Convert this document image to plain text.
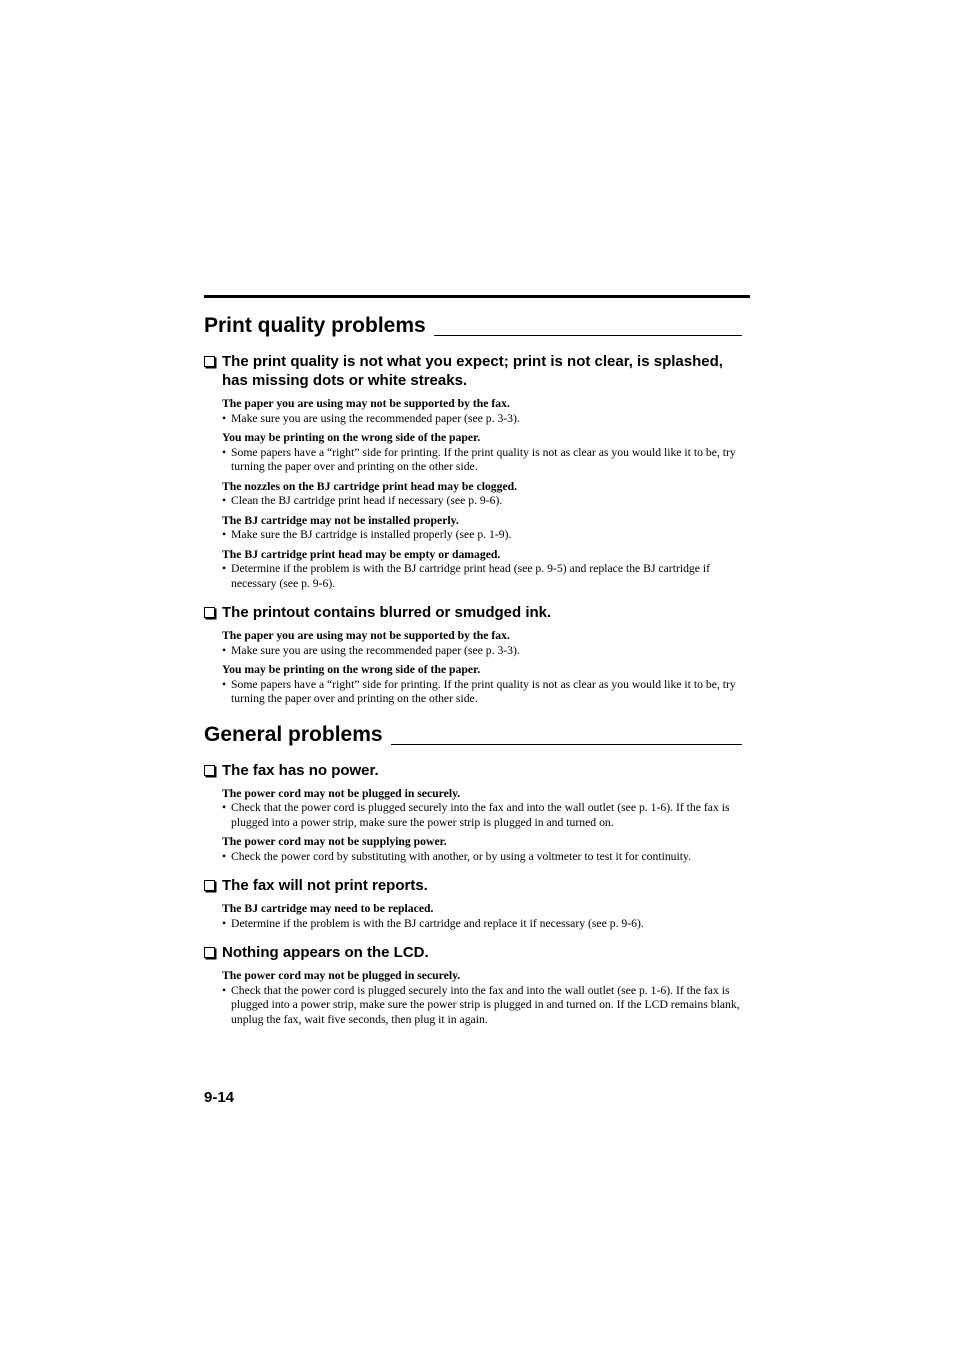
Print quality problems
The print quality is not what you expect; print is not clear, is splashed, has missing dots or white streaks.
The paper you are using may not be supported by the fax.
• Make sure you are using the recommended paper (see p. 3-3).
You may be printing on the wrong side of the paper.
• Some papers have a “right” side for printing. If the print quality is not as clear as you would like it to be, try turning the paper over and printing on the other side.
The nozzles on the BJ cartridge print head may be clogged.
• Clean the BJ cartridge print head if necessary (see p. 9-6).
The BJ cartridge may not be installed properly.
• Make sure the BJ cartridge is installed properly (see p. 1-9).
The BJ cartridge print head may be empty or damaged.
• Determine if the problem is with the BJ cartridge print head (see p. 9-5) and replace the BJ cartridge if necessary (see p. 9-6).
The printout contains blurred or smudged ink.
The paper you are using may not be supported by the fax.
• Make sure you are using the recommended paper (see p. 3-3).
You may be printing on the wrong side of the paper.
• Some papers have a “right” side for printing. If the print quality is not as clear as you would like it to be, try turning the paper over and printing on the other side.
General problems
The fax has no power.
The power cord may not be plugged in securely.
• Check that the power cord is plugged securely into the fax and into the wall outlet (see p. 1-6). If the fax is plugged into a power strip, make sure the power strip is plugged in and turned on.
The power cord may not be supplying power.
• Check the power cord by substituting with another, or by using a voltmeter to test it for continuity.
The fax will not print reports.
The BJ cartridge may need to be replaced.
• Determine if the problem is with the BJ cartridge and replace it if necessary (see p. 9-6).
Nothing appears on the LCD.
The power cord may not be plugged in securely.
• Check that the power cord is plugged securely into the fax and into the wall outlet (see p. 1-6). If the fax is plugged into a power strip, make sure the power strip is plugged in and turned on. If the LCD remains blank, unplug the fax, wait five seconds, then plug it in again.
9-14
